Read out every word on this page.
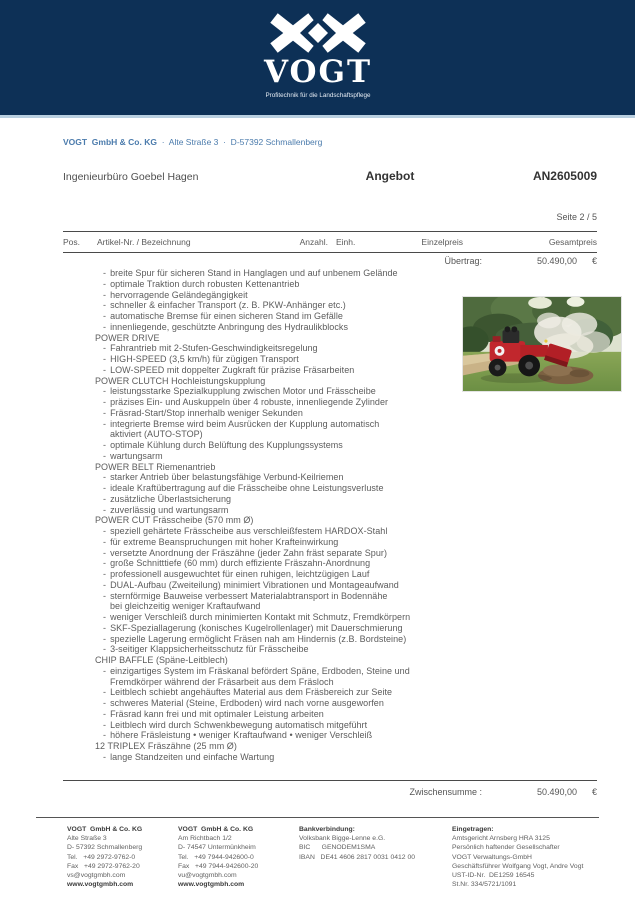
VOGT
Profitechnik für die Landschaftspflege
VOGT  GmbH & Co. KG  ·  Alte Straße 3  ·  D-57392 Schmallenberg
Ingenieurbüro Goebel Hagen	Angebot	AN2605009
Seite 2 / 5
Pos.	Artikel-Nr. / Bezeichnung	Anzahl. Einh.	Einzelpreis	Gesamtpreis
Übertrag:	50.490,00	€
- breite Spur für sicheren Stand in Hanglagen und auf unbenem Gelände
- optimale Traktion durch robusten Kettenantrieb
- hervorragende Geländegängigkeit
- schneller & einfacher Transport (z. B. PKW-Anhänger etc.)
- automatische Bremse für einen sicheren Stand im Gefälle
- innenliegende, geschützte Anbringung des Hydraulikblocks
POWER DRIVE
- Fahrantrieb mit 2-Stufen-Geschwindigkeitsregelung
- HIGH-SPEED (3,5 km/h) für zügigen Transport
- LOW-SPEED mit doppelter Zugkraft für präzise Fräsarbeiten
POWER CLUTCH Hochleistungskupplung
- leistungsstarke Spezialkupplung zwischen Motor und Frässcheibe
- präzises Ein- und Auskuppeln über 4 robuste, innenliegende Zylinder
- Fräsrad-Start/Stop innerhalb weniger Sekunden
- integrierte Bremse wird beim Ausrücken der Kupplung automatisch
aktiviert (AUTO-STOP)
- optimale Kühlung durch Belüftung des Kupplungssystems
- wartungsarm
POWER BELT Riemenantrieb
- starker Antrieb über belastungsfähige Verbund-Keilriemen
- ideale Kraftübertragung auf die Frässcheibe ohne Leistungsverluste
- zusätzliche Überlastsicherung
- zuverlässig und wartungsarm
POWER CUT Frässcheibe (570 mm Ø)
- speziell gehärtete Frässcheibe aus verschleißfestem HARDOX-Stahl
- für extreme Beanspruchungen mit hoher Krafteinwirkung
- versetzte Anordnung der Fräszähne (jeder Zahn fräst separate Spur)
- große Schnitttiefe (60 mm) durch effiziente Fräszahn-Anordnung
- professionell ausgewuchtet für einen ruhigen, leichtzügigen Lauf
- DUAL-Aufbau (Zweiteilung) minimiert Vibrationen und Montageaufwand
- sternförmige Bauweise verbessert Materialabtransport in Bodennähe
bei gleichzeitig weniger Kraftaufwand
- weniger Verschleiß durch minimierten Kontakt mit Schmutz, Fremdkörpern
- SKF-Speziallagerung (konisches Kugelrollenlager) mit Dauerschmierung
- spezielle Lagerung ermöglicht Fräsen nah am Hindernis (z.B. Bordsteine)
- 3-seitiger Klappsicherheitsschutz für Frässcheibe
CHIP BAFFLE (Späne-Leitblech)
- einzigartiges System im Fräskanal befördert Späne, Erdboden, Steine und
Fremdkörper während der Fräsarbeit aus dem Fräsloch
- Leitblech schiebt angehäuftes Material aus dem Fräsbereich zur Seite
- schweres Material (Steine, Erdboden) wird nach vorne ausgeworfen
- Fräsrad kann frei und mit optimaler Leistung arbeiten
- Leitblech wird durch Schwenkbewegung automatisch mitgeführt
- höhere Fräsleistung • weniger Kraftaufwand • weniger Verschleiß
12 TRIPLEX Fräszähne (25 mm Ø)
- lange Standzeiten und einfache Wartung
Zwischensumme :	50.490,00	€
VOGT  GmbH & Co. KG
Alte Straße 3
D- 57392 Schmallenberg
Tel.   +49 2972-9762-0
Fax   +49 2972-9762-20
vs@vogtgmbh.com
www.vogtgmbh.com
VOGT  GmbH & Co. KG
Am Richtbach 1/2
D- 74547 Untermünkheim
Tel.   +49 7944-942600-0
Fax   +49 7944-942600-20
vu@vogtgmbh.com
www.vogtgmbh.com
Bankverbindung:
Volksbank Bigge-Lenne e.G.
BIC      GENODEM1SMA
IBAN   DE41 4606 2817 0031 0412 00
Eingetragen:
Amtsgericht Arnsberg HRA 3125
Persönlich haftender Gesellschafter
VOGT Verwaltungs-GmbH
Geschäftsführer Wolfgang Vogt, Andre Vogt
UST-ID-Nr.  DE1259 16545
St.Nr. 334/5721/1091
